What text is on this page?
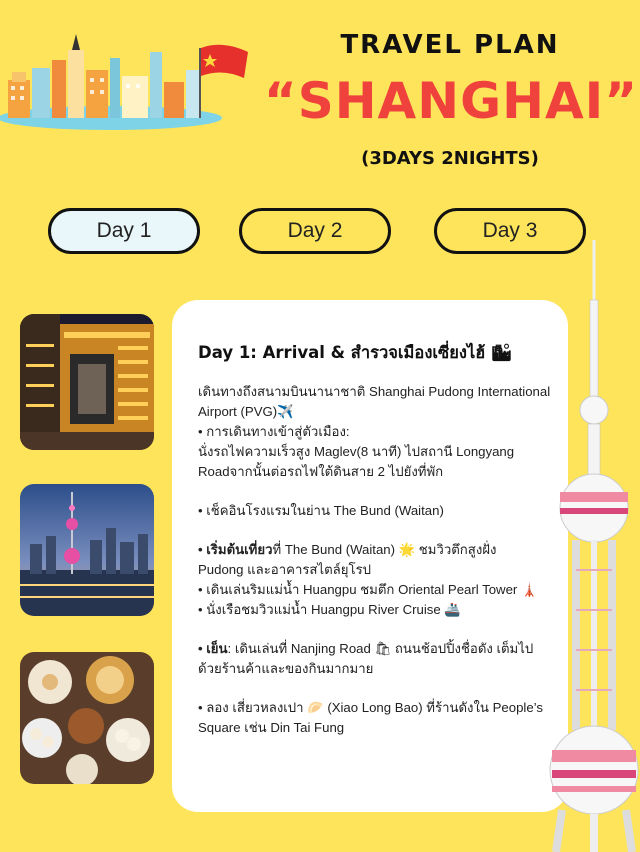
TRAVEL PLAN
“SHANGHAI”
(3DAYS 2NIGHTS)
Day 1	Day 2	Day 3
Day 1: Arrival & สำรวจเมืองเซี่ยงไฮ้ 🏙

เดินทางถึงสนามบินนานาชาติ Shanghai Pudong International

Airport (PVG)✈️

• การเดินทางเข้าสู่ตัวเมือง:

นั่งรถไฟความเร็วสูง Maglev(8 นาที) ไปสถานี Longyang

Roadจากนั้นต่อรถไฟใต้ดินสาย 2 ไปยังที่พัก

• เช็คอินโรงแรมในย่าน The Bund (Waitan)

• เริ่มต้นเที่ยวที่ The Bund (Waitan) 🌟 ชมวิวตึกสูงฝั่ง

Pudong และอาคารสไตล์ยุโรป

• เดินเล่นริมแม่น้ำ Huangpu ชมตึก Oriental Pearl Tower 🗼

• นั่งเรือชมวิวแม่น้ำ Huangpu River Cruise 🚢

• เย็น: เดินเล่นที่ Nanjing Road 🛍 ถนนช้อปปิ้งชื่อดัง เต็มไป

ด้วยร้านค้าและของกินมากมาย

• ลอง เสี่ยวหลงเปา 🥟 (Xiao Long Bao) ที่ร้านดังใน People’s

Square เช่น Din Tai Fung
